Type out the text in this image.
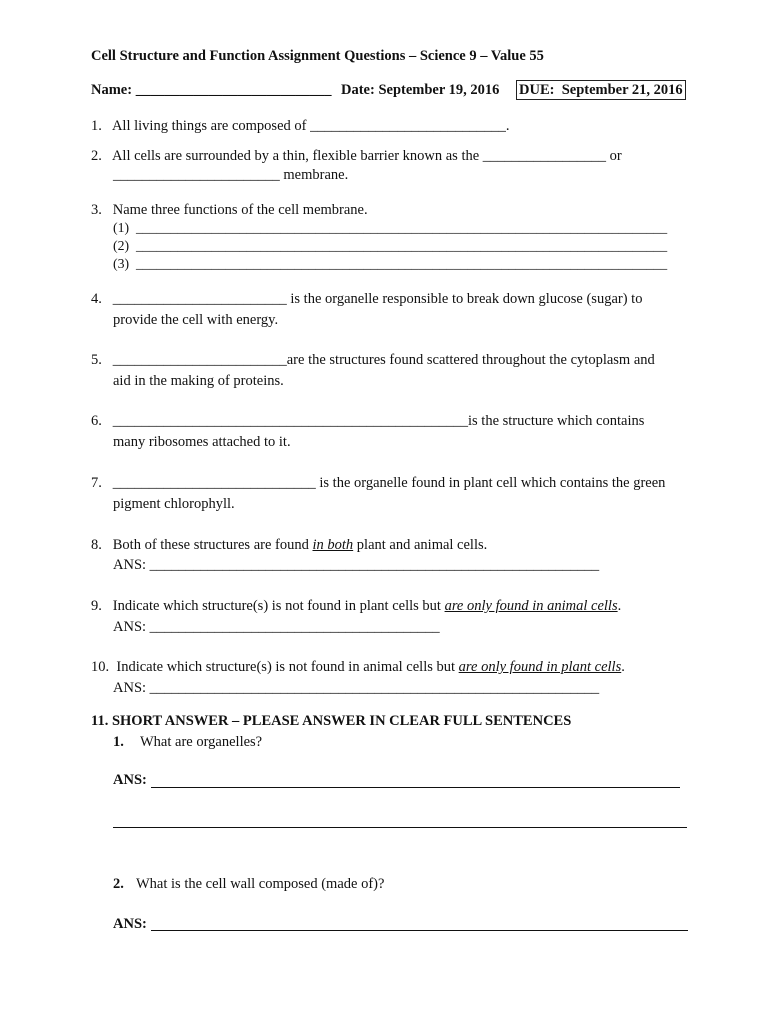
Cell Structure and Function Assignment Questions – Science 9 – Value 55
Name: ___________________________ Date: September 19, 2016 DUE:  September 21, 2016
1.   All living things are composed of ___________________________.
2.   All cells are surrounded by a thin, flexible barrier known as the _________________ or
_______________________ membrane.
3.   Name three functions of the cell membrane.
(1)  _____________________________________________________________________________
(2)  _____________________________________________________________________________
(3)  _____________________________________________________________________________
4.   ________________________ is the organelle responsible to break down glucose (sugar) to
provide the cell with energy.
5.   ________________________are the structures found scattered throughout the cytoplasm and
aid in the making of proteins.
6.   _________________________________________________is the structure which contains
many ribosomes attached to it.
7.   ____________________________ is the organelle found in plant cell which contains the green
pigment chlorophyll.
8.   Both of these structures are found in both plant and animal cells.
ANS: ______________________________________________________________
9.   Indicate which structure(s) is not found in plant cells but are only found in animal cells.
ANS: ________________________________________
10.  Indicate which structure(s) is not found in animal cells but are only found in plant cells.
ANS: ______________________________________________________________
11. SHORT ANSWER – PLEASE ANSWER IN CLEAR FULL SENTENCES
1. What are organelles?
ANS:
2. What is the cell wall composed (made of)?
ANS:
